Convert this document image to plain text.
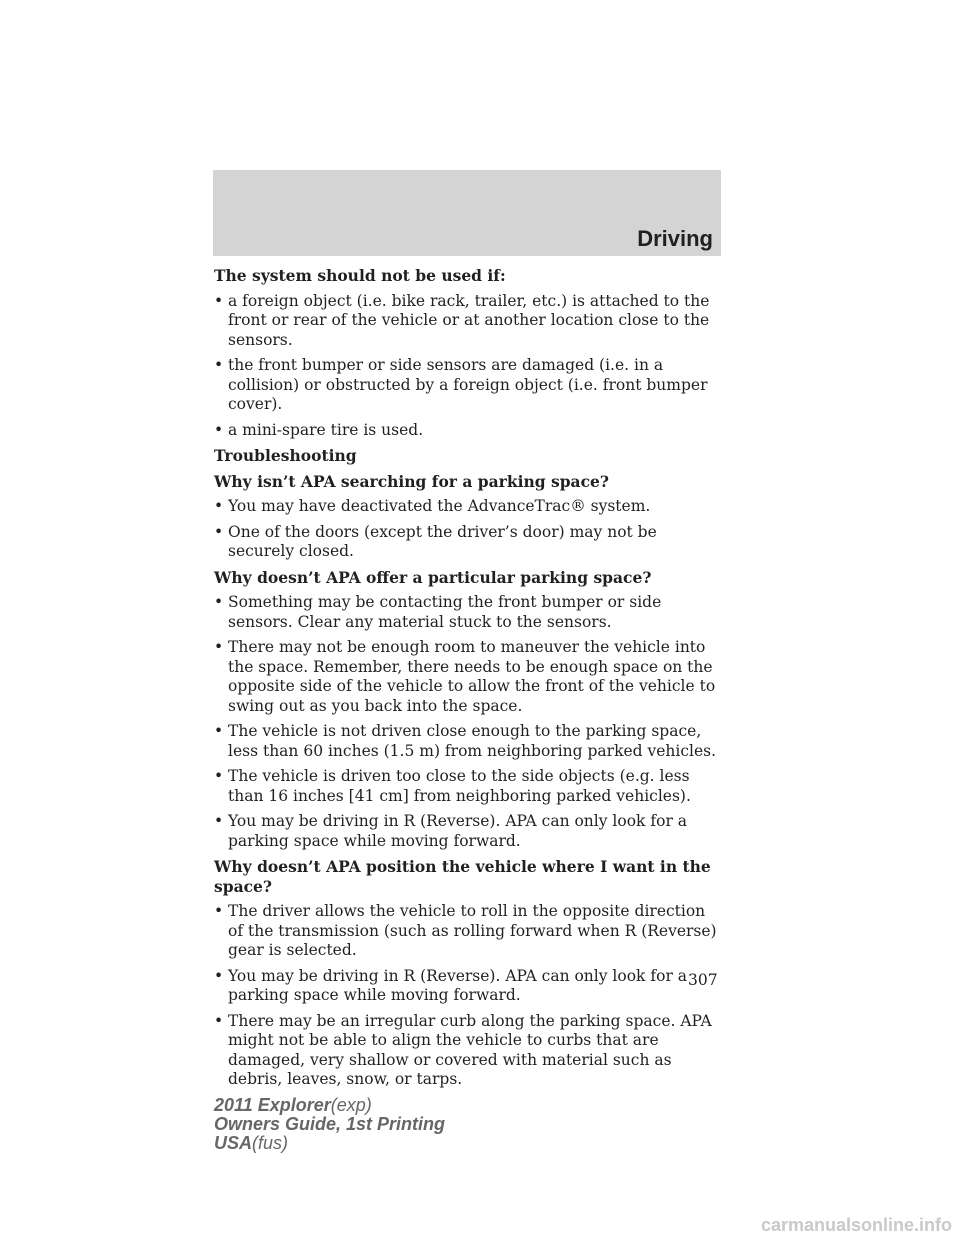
Driving
The system should not be used if:
• a foreign object (i.e. bike rack, trailer, etc.) is attached to the front or rear of the vehicle or at another location close to the sensors.
• the front bumper or side sensors are damaged (i.e. in a collision) or obstructed by a foreign object (i.e. front bumper cover).
• a mini-spare tire is used.
Troubleshooting
Why isn’t APA searching for a parking space?
• You may have deactivated the AdvanceTrac® system.
• One of the doors (except the driver’s door) may not be securely closed.
Why doesn’t APA offer a particular parking space?
• Something may be contacting the front bumper or side sensors. Clear any material stuck to the sensors.
• There may not be enough room to maneuver the vehicle into the space. Remember, there needs to be enough space on the opposite side of the vehicle to allow the front of the vehicle to swing out as you back into the space.
• The vehicle is not driven close enough to the parking space, less than 60 inches (1.5 m) from neighboring parked vehicles.
• The vehicle is driven too close to the side objects (e.g. less than 16 inches [41 cm] from neighboring parked vehicles).
• You may be driving in R (Reverse). APA can only look for a parking space while moving forward.
Why doesn’t APA position the vehicle where I want in the space?
• The driver allows the vehicle to roll in the opposite direction of the transmission (such as rolling forward when R (Reverse) gear is selected.
• You may be driving in R (Reverse). APA can only look for a parking space while moving forward.
• There may be an irregular curb along the parking space. APA might not be able to align the vehicle to curbs that are damaged, very shallow or covered with material such as debris, leaves, snow, or tarps.
307
2011 Explorer(exp)
Owners Guide, 1st Printing
USA(fus)
carmanualsonline.info
